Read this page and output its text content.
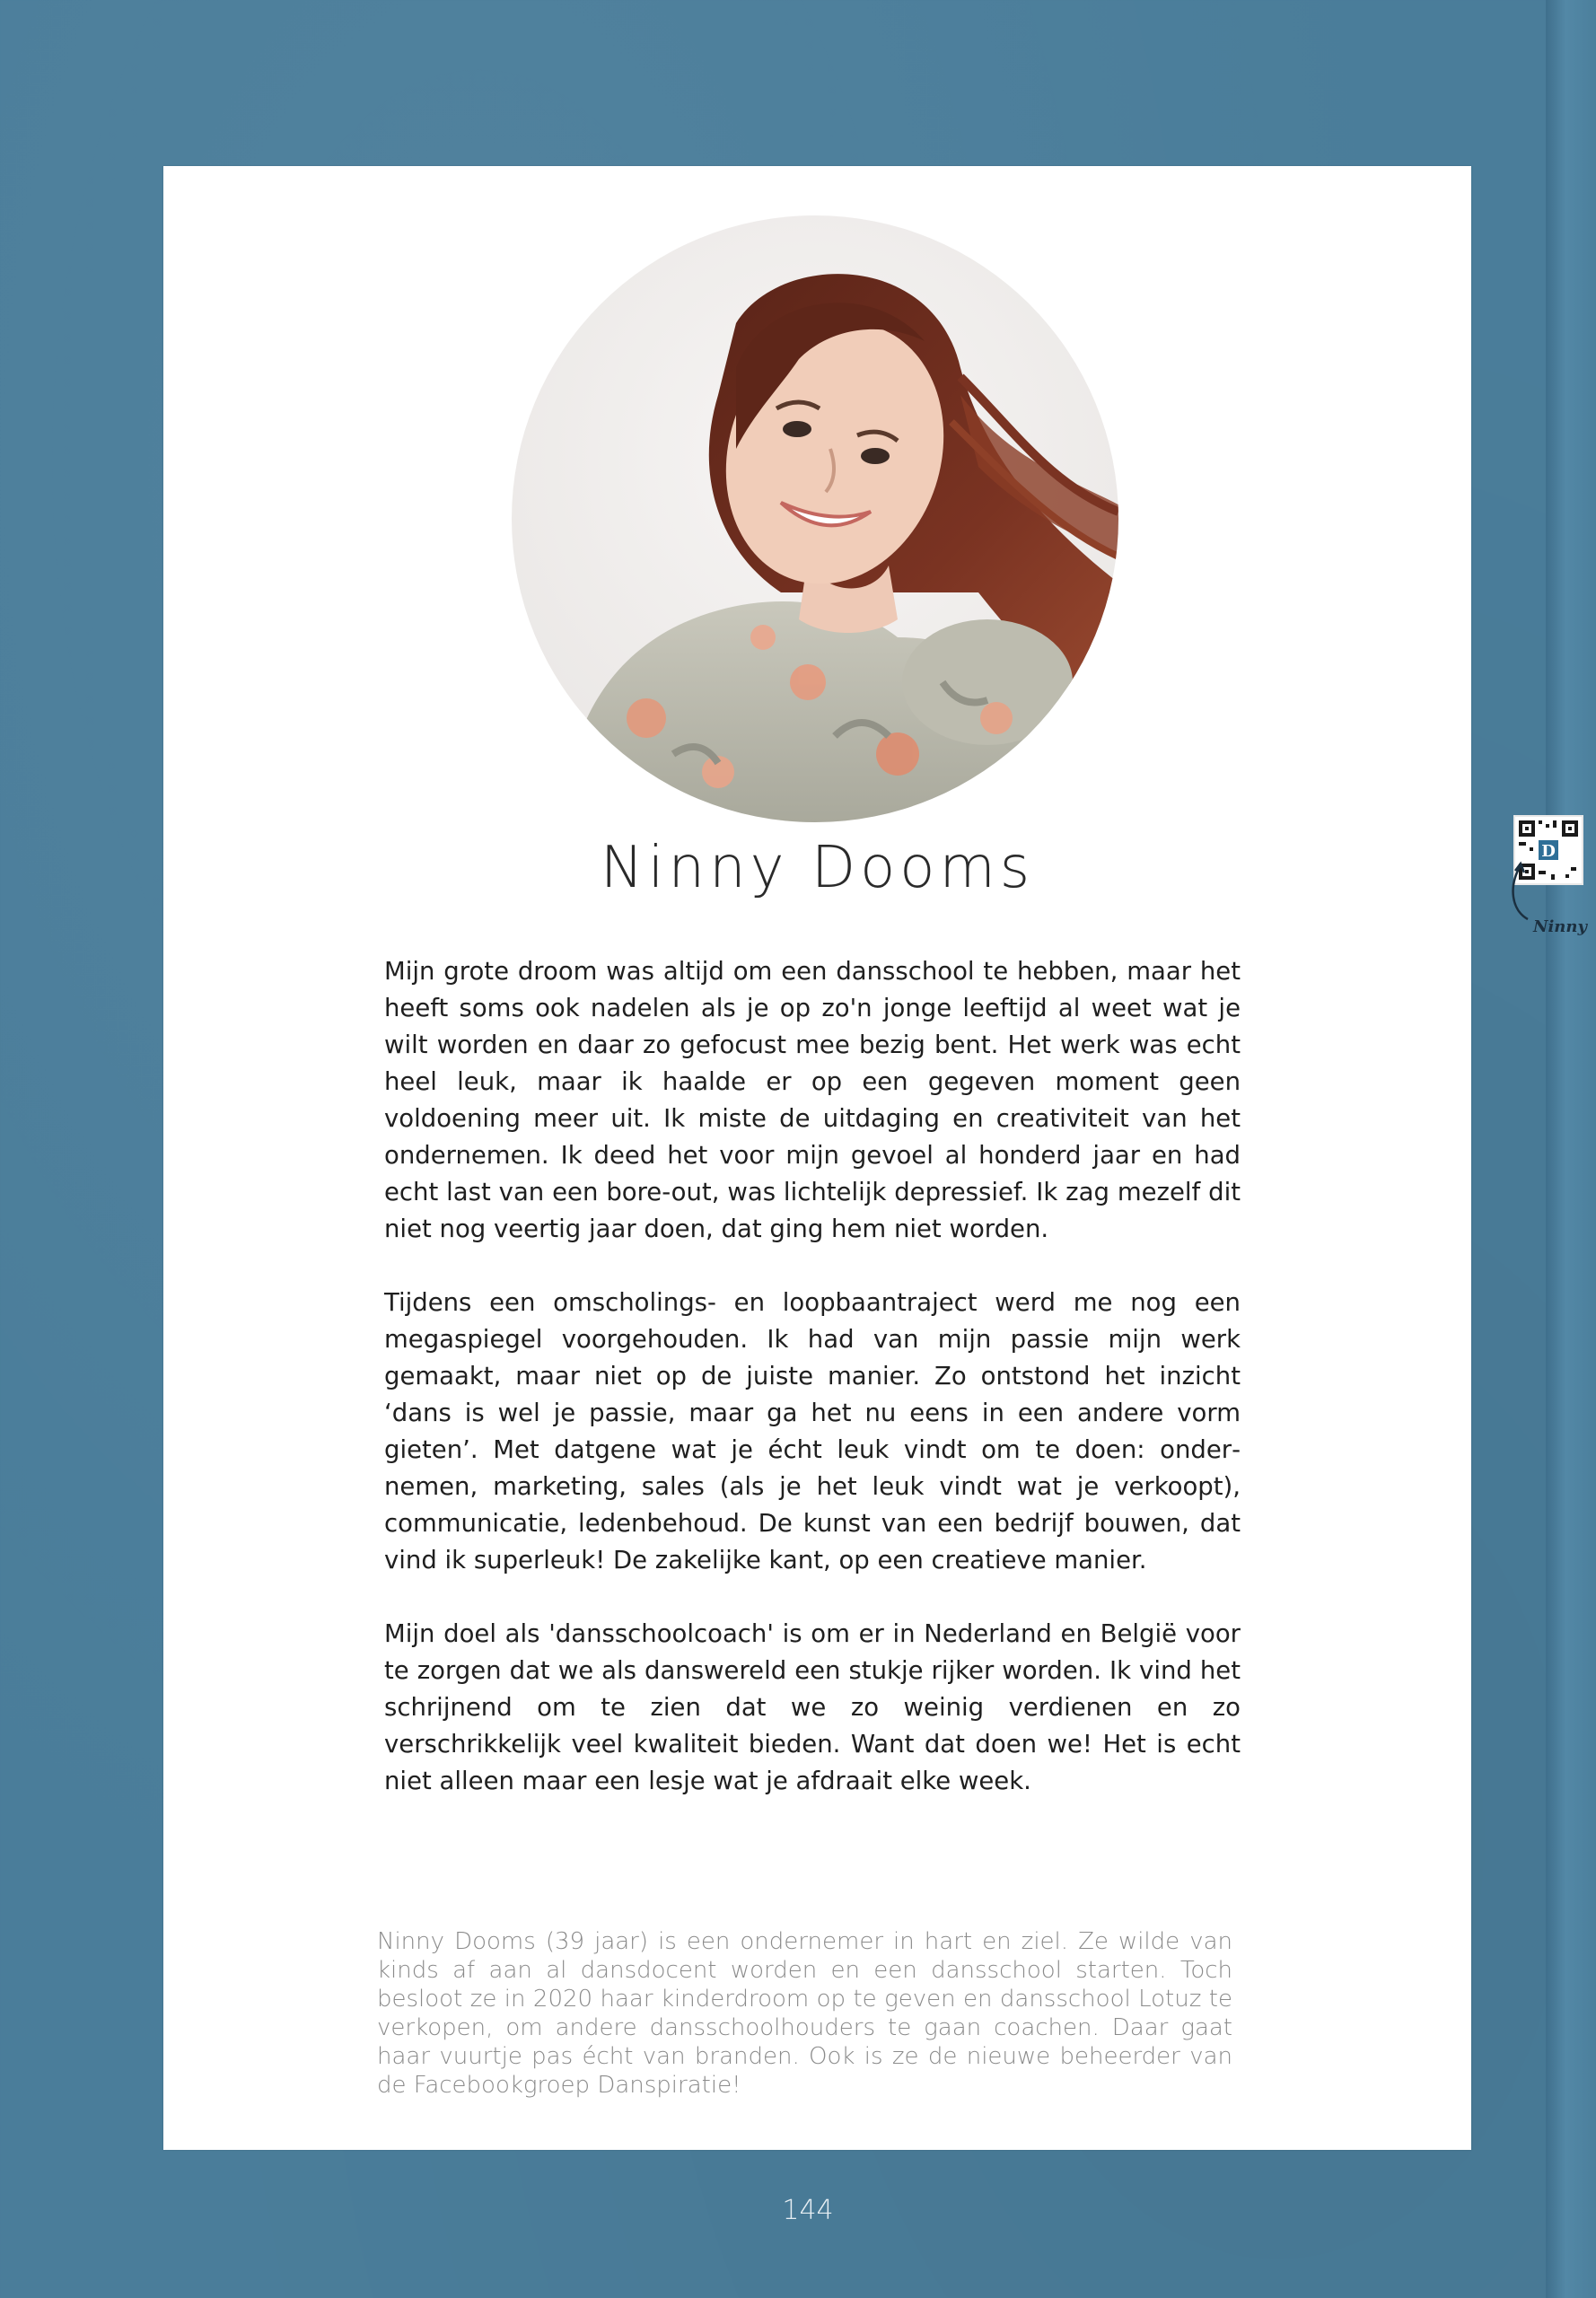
Ninny Dooms

Mijn grote droom was altijd om een dansschool te hebben, maar het heeft soms ook nadelen als je op zo'n jonge leeftijd al weet wat je wilt worden en daar zo gefocust mee bezig bent. Het werk was echt heel leuk, maar ik haalde er op een gegeven moment geen voldoening meer uit. Ik miste de uitdaging en creativiteit van het ondernemen. Ik deed het voor mijn gevoel al honderd jaar en had echt last van een bore-out, was lichtelijk depressief. Ik zag mezelf dit niet nog veertig jaar doen, dat ging hem niet worden.

Tijdens een omscholings- en loopbaantraject werd me nog een megaspiegel voorgehouden. Ik had van mijn passie mijn werk gemaakt, maar niet op de juiste manier. Zo ontstond het inzicht ‘dans is wel je passie, maar ga het nu eens in een andere vorm gieten’. Met datgene wat je écht leuk vindt om te doen: ondernemen, marketing, sales (als je het leuk vindt wat je verkoopt), communicatie, ledenbehoud. De kunst van een bedrijf bouwen, dat vind ik superleuk! De zakelijke kant, op een creatieve manier.

Mijn doel als 'dansschoolcoach' is om er in Nederland en België voor te zorgen dat we als danswereld een stukje rijker worden. Ik vind het schrijnend om te zien dat we zo weinig verdienen en zo verschrikkelijk veel kwaliteit bieden. Want dat doen we! Het is echt niet alleen maar een lesje wat je afdraait elke week.

Ninny Dooms (39 jaar) is een ondernemer in hart en ziel. Ze wilde van kinds af aan al dansdocent worden en een dansschool starten. Toch besloot ze in 2020 haar kinderdroom op te geven en dansschool Lotuz te verkopen, om andere dansschoolhouders te gaan coachen. Daar gaat haar vuurtje pas écht van branden. Ook is ze de nieuwe beheerder van de Facebookgroep Danspiratie!

144
D
Ninny
